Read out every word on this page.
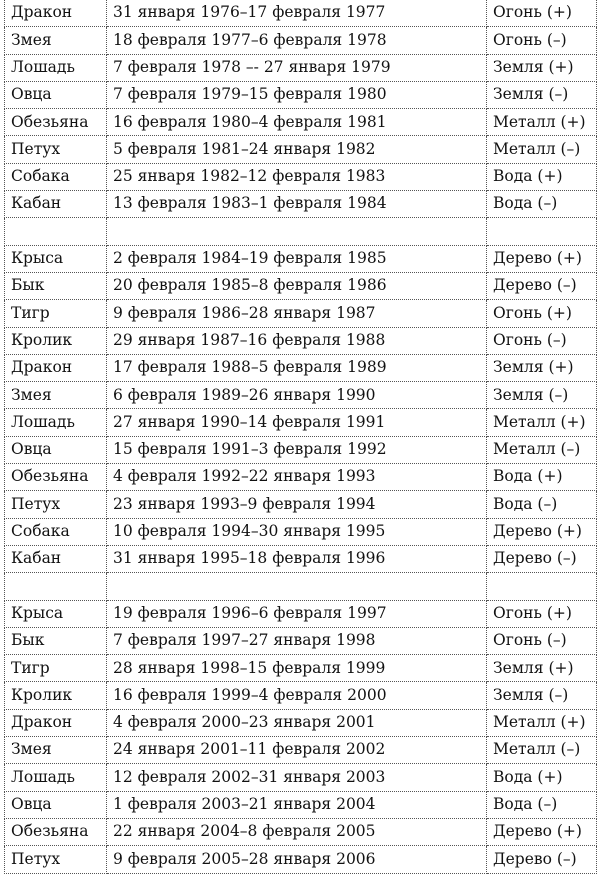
Дракон	31 января 1976–17 февраля 1977	Огонь (+)
Змея	18 февраля 1977–6 февраля 1978	Огонь (–)
Лошадь	7 февраля 1978 –- 27 января 1979	Земля (+)
Овца	7 февраля 1979–15 февраля 1980	Земля (–)
Обезьяна	16 февраля 1980–4 февраля 1981	Металл (+)
Петух	5 февраля 1981–24 января 1982	Металл (–)
Собака	25 января 1982–12 февраля 1983	Вода (+)
Кабан	13 февраля 1983–1 февраля 1984	Вода (–)

Крыса	2 февраля 1984–19 февраля 1985	Дерево (+)
Бык	20 февраля 1985–8 февраля 1986	Дерево (–)
Тигр	9 февраля 1986–28 января 1987	Огонь (+)
Кролик	29 января 1987–16 февраля 1988	Огонь (–)
Дракон	17 февраля 1988–5 февраля 1989	Земля (+)
Змея	6 февраля 1989–26 января 1990	Земля (–)
Лошадь	27 января 1990–14 февраля 1991	Металл (+)
Овца	15 февраля 1991–3 февраля 1992	Металл (–)
Обезьяна	4 февраля 1992–22 января 1993	Вода (+)
Петух	23 января 1993–9 февраля 1994	Вода (–)
Собака	10 февраля 1994–30 января 1995	Дерево (+)
Кабан	31 января 1995–18 февраля 1996	Дерево (–)

Крыса	19 февраля 1996–6 февраля 1997	Огонь (+)
Бык	7 февраля 1997–27 января 1998	Огонь (–)
Тигр	28 января 1998–15 февраля 1999	Земля (+)
Кролик	16 февраля 1999–4 февраля 2000	Земля (–)
Дракон	4 февраля 2000–23 января 2001	Металл (+)
Змея	24 января 2001–11 февраля 2002	Металл (–)
Лошадь	12 февраля 2002–31 января 2003	Вода (+)
Овца	1 февраля 2003–21 января 2004	Вода (–)
Обезьяна	22 января 2004–8 февраля 2005	Дерево (+)
Петух	9 февраля 2005–28 января 2006	Дерево (–)
